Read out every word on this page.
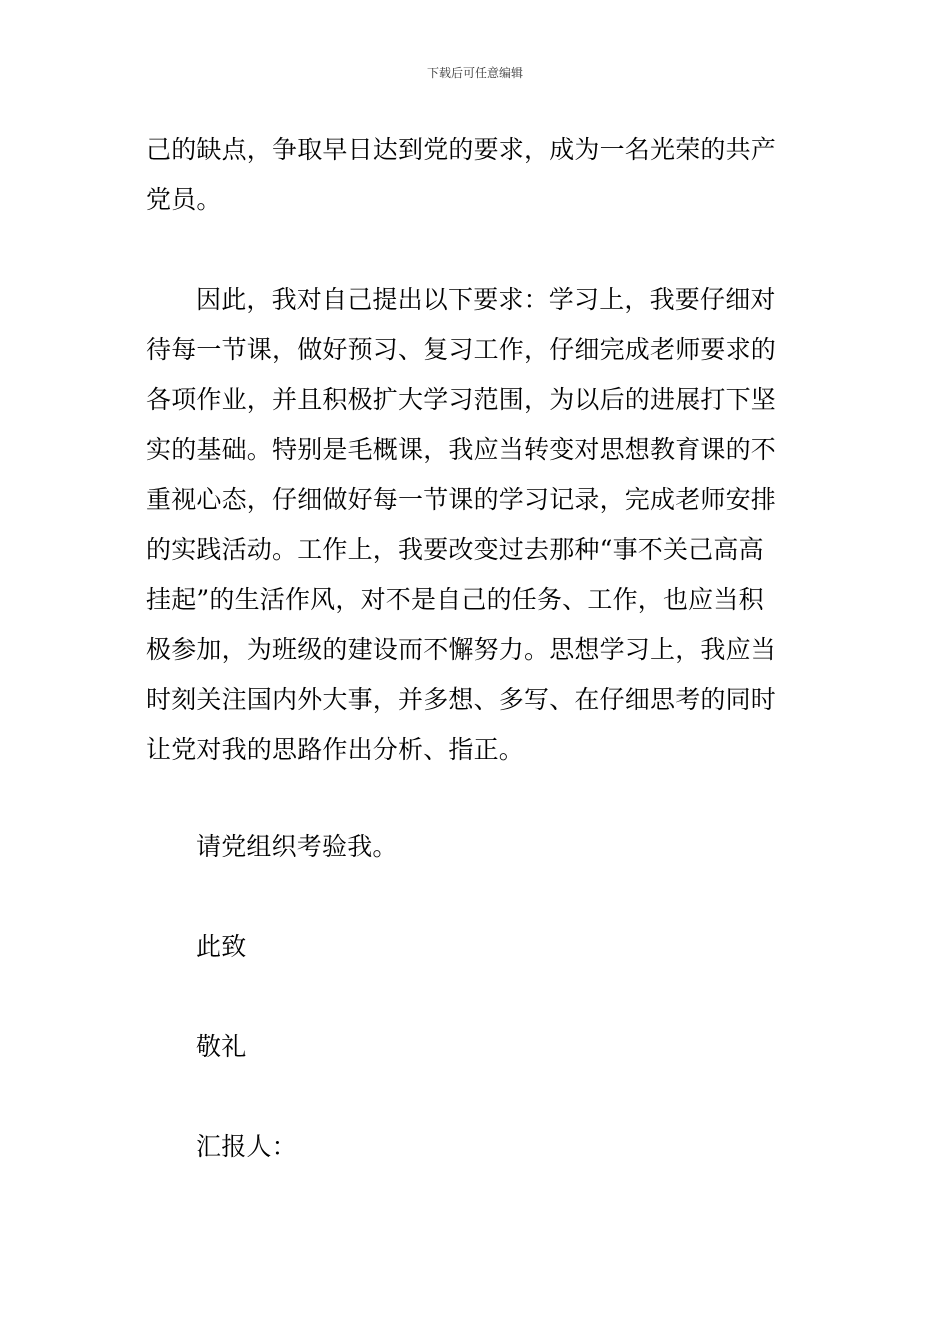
下载后可任意编辑
己的缺点，争取早日达到党的要求，成为一名光荣的共产
党员。
因此，我对自己提出以下要求：学习上，我要仔细对
待每一节课，做好预习、复习工作，仔细完成老师要求的
各项作业，并且积极扩大学习范围，为以后的进展打下坚
实的基础。特别是毛概课，我应当转变对思想教育课的不
重视心态，仔细做好每一节课的学习记录，完成老师安排
的实践活动。工作上，我要改变过去那种“事不关己高高
挂起”的生活作风，对不是自己的任务、工作，也应当积
极参加，为班级的建设而不懈努力。思想学习上，我应当
时刻关注国内外大事，并多想、多写、在仔细思考的同时
让党对我的思路作出分析、指正。
请党组织考验我。
此致
敬礼
汇报人：
